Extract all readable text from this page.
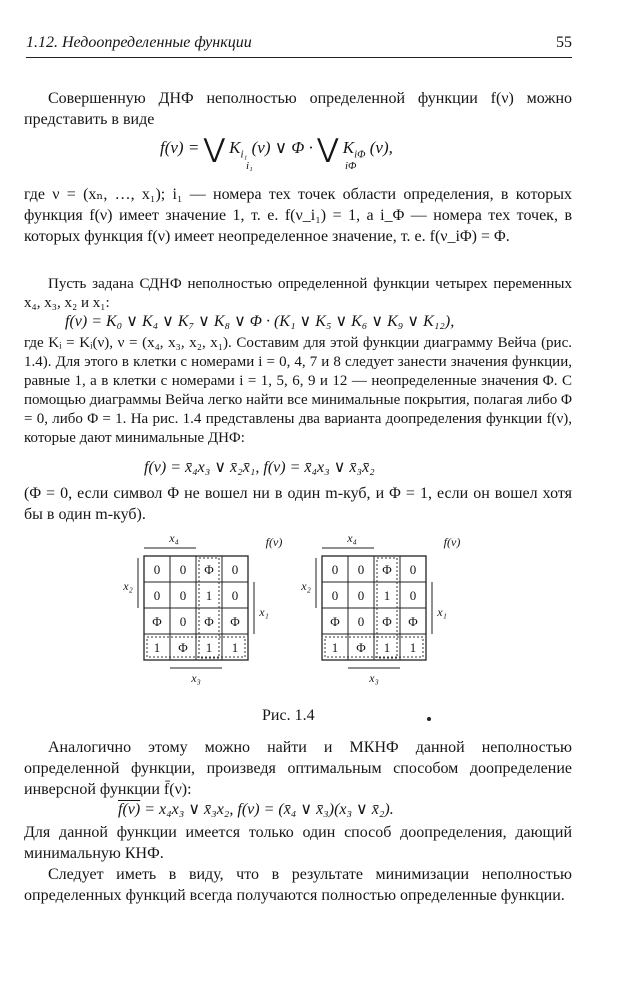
1.12. Недоопределенные функции	55
Совершенную ДНФ неполностью определенной функции f(ν) можно представить в виде
f(ν) = ⋁ $K_{i_1}$ (ν) ∨ Φ · ⋁ $K_{i\Phi}$ (ν),
i₁	iΦ
где ν = (xₙ, …, x₁); i₁ — номера тех точек области определения, в которых функция f(ν) имеет значение 1, т. е. f(ν_i₁) = 1, а i_Φ — номера тех точек, в которых функция f(ν) имеет неопределенное значение, т. е. f(ν_iΦ) = Φ.
Пусть задана СДНФ неполностью определенной функции четырех переменных x₄, x₃, x₂ и x₁:
f(ν) = K₀ ∨ K₄ ∨ K₇ ∨ K₈ ∨ Φ · (K₁ ∨ K₅ ∨ K₆ ∨ K₉ ∨ K₁₂),
где Kᵢ = Kᵢ(ν), ν = (x₄, x₃, x₂, x₁). Составим для этой функции диаграмму Вейча (рис. 1.4). Для этого в клетки с номерами i = 0, 4, 7 и 8 следует занести значения функции, равные 1, а в клетки с номерами i = 1, 5, 6, 9 и 12 — неопределенные значения Φ. С помощью диаграммы Вейча легко найти все минимальные покрытия, полагая либо Φ = 0, либо Φ = 1. На рис. 1.4 представлены два варианта доопределения функции f(ν), которые дают минимальные ДНФ:
f(ν) = x̄₄x₃ ∨ x̄₂x̄₁, f(ν) = x̄₄x₃ ∨ x̄₃x̄₂
(Φ = 0, если символ Φ не вошел ни в один m-куб, и Φ = 1, если он вошел хотя бы в один m-куб).
0 0 Φ 0
0 0 1 0
Φ 0 Φ Φ
1 Φ 1 1
x₄
x₂
x₁
x₃
f(ν)
0 0 Φ 0
0 0 1 0
Φ 0 Φ Φ
1 Φ 1 1
x₄
x₂
x₁
x₃
f(ν)
Рис. 1.4
Аналогично этому можно найти и МКНФ данной неполностью определенной функции, произведя оптимальным способом доопределение инверсной функции f̄(ν):
f(ν) = x₄x₃ ∨ x̄₃x₂, f(ν) = (x̄₄ ∨ x̄₃)(x₃ ∨ x̄₂).
Для данной функции имеется только один способ доопределения, дающий минимальную КНФ.
Следует иметь в виду, что в результате минимизации неполностью определенных функций всегда получаются полностью определенные функции.
